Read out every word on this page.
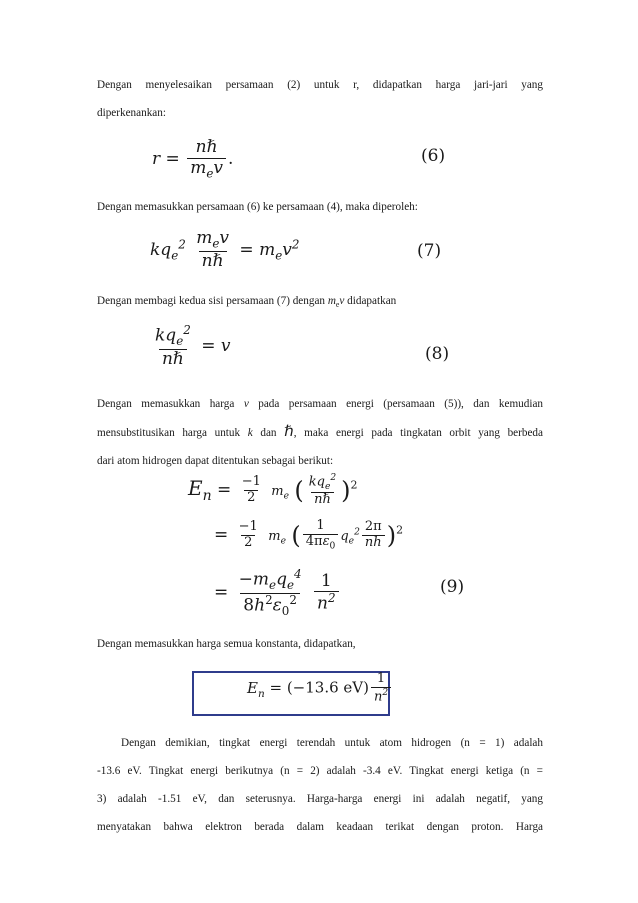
Dengan menyelesaikan persamaan (2) untuk r, didapatkan harga jari-jari yang
diperkenankan:
$r = \frac{\text{nℏ}}{m_ev}$ .	(6)
Dengan memasukkan persamaan (6) ke persamaan (4), maka diperoleh:
$kq_e^2 \frac{m_ev}{\text{nℏ}} = m_ev^2$	(7)
Dengan membagi kedua sisi persamaan (7) dengan $m_ev$ didapatkan
$\frac{kq_e^2}{\text{nℏ}} = v$	(8)
Dengan memasukkan harga v pada persamaan energi (persamaan (5)), dan kemudian
mensubstitusikan harga untuk k dan ℏ, maka energi pada tingkatan orbit yang berbeda
dari atom hidrogen dapat ditentukan sebagai berikut:
$E_n = \frac{-1}{2} m_e$ ( $\frac{kq_e^2}{\text{nℏ}} )^2$
= $\frac{-1}{2} m_e$ ( $\frac{1}{4\pi\varepsilon_0} q_e^2 \frac{2\pi}{nh} )^2$
= $\frac{-m_eq_e^4}{8h^2\varepsilon_0^2}$
$\frac{1}{n^2}$	(9)
Dengan memasukkan harga semua konstanta, didapatkan,
$E_n = (-13.6$ $eV) \frac{1}{n^2}$
Dengan demikian, tingkat energi terendah untuk atom hidrogen (n = 1) adalah
-13.6 eV. Tingkat energi berikutnya (n = 2) adalah -3.4 eV. Tingkat energi ketiga (n =
3) adalah -1.51 eV, dan seterusnya. Harga-harga energi ini adalah negatif, yang
menyatakan bahwa elektron berada dalam keadaan terikat dengan proton. Harga
